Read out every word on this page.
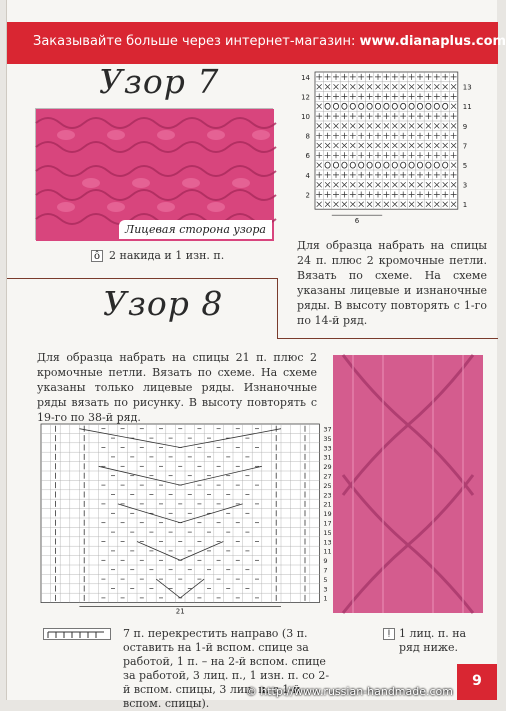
Заказывайте больше через интернет-магазин: www.dianaplus.com
Узор 7
Лицевая сторона узора
ô 2 накида и 1 изн. п.
14
12
10
8
6
4
2
13
11
9
7
5
3
1
6
Для образца набрать на спицы 24 п. плюс 2 кромочные петли. Вязать по схеме. На схеме указаны лицевые и изнаночные ряды. В высоту повторять с 1-го по 14-й ряд.
Узор 8
Для образца набрать на спицы 21 п. плюс 2 кромочные петли. Вязать по схеме. На схеме указаны только лицевые ряды. Изнаночные ряды вязать по рисунку. В высоту повторять с 19-го по 38-й ряд.
37
35
33
31
29
27
25
23
21
19
17
15
13
11
9
7
5
3
1
21
7 п. перекрестить направо (3 п. оставить на 1-й вспом. спице за работой, 1 п. – на 2-й вспом. спице за работой, 3 лиц. п., 1 изн. п. со 2-й вспом. спицы, 3 лиц. п. с 1-й вспом. спицы).
ǃ 1 лиц. п. на ряд ниже.
9
© http://www.russian-handmade.com
